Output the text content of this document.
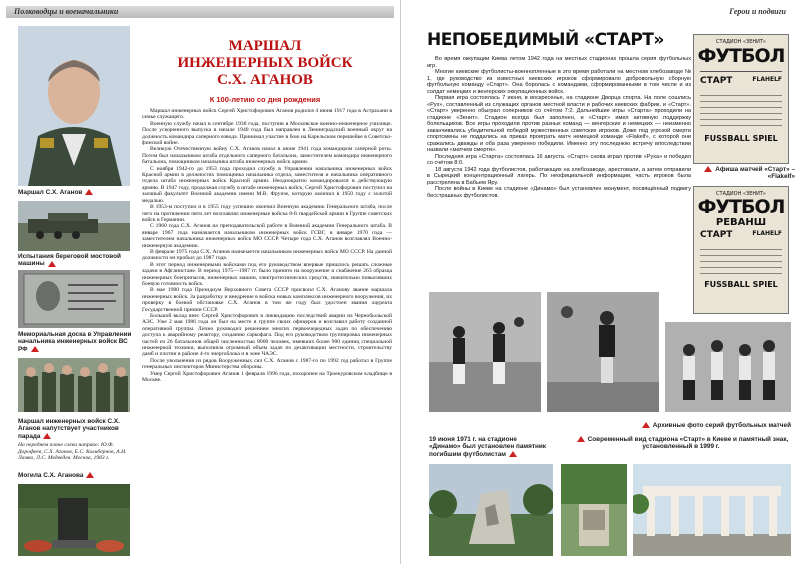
Полководцы и военачальники
Маршал С.Х. Аганов
Испытания береговой мостовой машины
Мемориальная доска в Управлении начальника инженерных войск ВС РФ
Маршал инженерных войск С.Х. Аганов напутствует участников парада
На переднем плане слева направо: Ю.Ф. Дорофеев, С.Х. Аганов, Е.С. Колибернов, А.Н. Ламко, Л.С. Медведев. Москва, 1983 г.
Могила С.Х. Аганова
МАРШАЛ
ИНЖЕНЕРНЫХ ВОЙСК
С.Х. АГАНОВ
К 100-летию со дня рождения

Маршал инженерных войск Сергей Христофорович Аганов родился 4 июня 1917 года в Астрахани в семье служащего.

Военную службу начал в сентябре 1938 года, поступив в Московское военно-инженерное училище. После ускоренного выпуска в начале 1940 года был направлен в Ленинградский военный округ на должность командира саперного взвода. Принимал участие в бою на Карельском перешейке в Советско-финской войне.

Великую Отечественную войну С.Х. Аганов начал в июне 1941 года командиром саперной роты. Потом был начальником штаба отдельного саперного батальона, заместителем командира инженерного батальона, помощником начальника штаба инженерных войск армии.

С ноября 1942-го до 1953 года проходил службу в Управлении начальника инженерных войск Красной армии в должностях помощника начальника отдела, заместителя и начальника оперативного отдела штаба инженерных войск Красной армии. Неоднократно командировался в действующую армию. В 1947 году, продолжая службу в штабе инженерных войск, Сергей Христофорович поступил на заочный факультет Военной академии имени М.В. Фрунзе, которую окончил в 1950 году с золотой медалью.

В 1953-м поступил и в 1955 году успешно окончил Военную академию Генерального штаба, после чего на протяжении пяти лет возглавлял инженерные войска 8-й гвардейской армии в Группе советских войск в Германии.

С 1960 года С.Х. Аганов на преподавательской работе в Военной академии Генерального штаба. В январе 1967 года назначается начальником инженерных войск ГСВГ, в январе 1970 года — заместителем начальника инженерных войск МО СССР. Четыре года С.Х. Аганов возглавлял Военно-инженерную академию.

В феврале 1975 года С.Х. Аганов назначается начальником инженерных войск МО СССР. На данной должности он пробыл до 1987 года.

В этот период инженерными войсками под его руководством впервые пришлось решать сложные задачи в Афганистане. В период 1975—1987 гг. было принято на вооружение и снабжение 263 образца инженерных боеприпасов, инженерных машин, электротехнических средств, значительно повысивших боевую готовность войск.

В мае 1980 года Президиум Верховного Совета СССР присвоил С.Х. Аганову звание маршала инженерных войск. За разработку и внедрение в войска новых комплексов инженерного вооружения, их проверку в боевой обстановке С.Х. Аганов в том же году был удостоен звания лауреата Государственной премии СССР.

Большой вклад внес Сергей Христофорович в ликвидацию последствий аварии на Чернобыльской АЭС. Уже 2 мая 1986 года он был на месте в группе своих офицеров и возглавил работу созданной оперативной группы. Лично руководил решением многих первоочередных задач по обеспечению доступа к аварийному реактору, созданию саркофага. Под его руководством группировка инженерных частей из 26 батальонов общей численностью 8000 человек, имевших более 900 единиц специальной инженерной техники, выполняла огромный объем задач по дезактивации местности, строительству дамб и плотин в районе 4-го энергоблока и в зоне ЧАЭС.

После увольнения из рядов Вооруженных сил С.Х. Аганов с 1987-го по 1992 год работал в Группе генеральных инспекторов Министерства обороны.

Умер Сергей Христофорович Аганов 1 февраля 1996 года, похоронен на Троекуровском кладбище в Москве.

Герои и подвиги
НЕПОБЕДИМЫЙ «СТАРТ»

Во время оккупации Киева летом 1942 года на местных стадионах прошла серия футбольных игр.

Многие киевские футболисты-военнопленные в это время работали на местном хлебозаводе № 1, где руководство из известных киевских игроков сформировало добровольную сборную футбольную команду «Старт». Она боролась с командами, сформированными в том числе и из солдат немецких и венгерских оккупационных войск.

Первая игра состоялась 7 июня, в воскресенье, на стадионе Дворца спорта. На поле сошлись «Рух», составленный из служащих органов местной власти и рабочих киевских фабрик, и «Старт». «Старт» уверенно обыграл соперников со счётом 7:2. Дальнейшие игры «Старта» проходили на стадионе «Зенит». Стадион всегда был заполнен, и «Старт» имел активную поддержку болельщиков. Все игры проходили против разных команд — венгерских и немецких — неизменно заканчивались убедительной победой мужественных советских игроков. Доже под угрозой смерти спортсмены не поддались на приказ проиграть матч немецкой команде «Flakelf», с которой они сражались дважды и оба раза уверенно победили. Именно эту последнюю встречу впоследствии назвали «матчем смерти».

Последняя игра «Старта» состоялась 16 августа. «Старт» снова играл против «Руха» и победил со счётом 8:0.

18 августа 1942 года футболистов, работающих на хлебозаводе, арестовали, а затем отправили в Сырецкий концентрационный лагерь. По неофициальной информации, часть игроков была расстреляна в Бабьем Яру.

После войны в Киеве на стадионе «Динамо» был установлен монумент, посвящённый подвигу бесстрашных футболистов.

СТАДИОН «ЗЕНИТ»
ФУТБОЛ
СТАРТ	FLAHELF
FUSSBALL SPIEL
Афиша матчей «Старт» – «Flakelf»
СТАДИОН «ЗЕНИТ»
ФУТБОЛ
РЕВАНШ
СТАРТ	FLAHELF
FUSSBALL SPIEL
Архивные фото серий футбольных матчей
19 июня 1971 г. на стадионе «Динамо» был установлен памятник погибшим футболистам
Современный вид стадиона «Старт» в Киеве и памятный знак, установленный в 1999 г.
